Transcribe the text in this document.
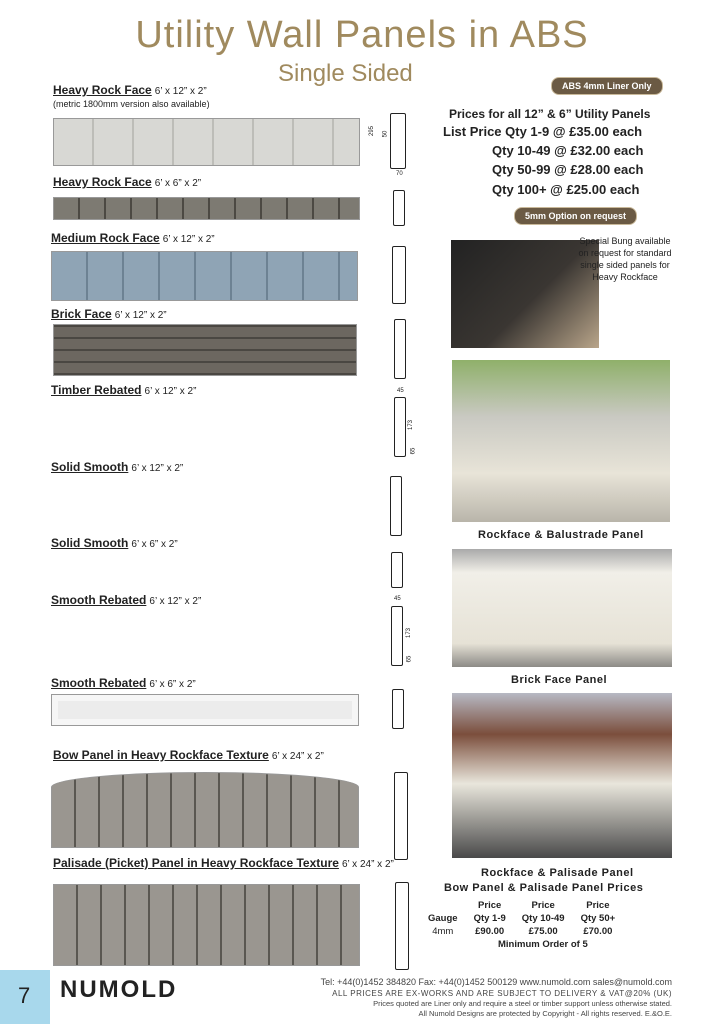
Utility Wall Panels in ABS
Single Sided	ABS 4mm Liner Only
Heavy Rock Face 6’ x 12” x 2”
(metric 1800mm version also available)
295 50
70
Heavy Rock Face 6’ x 6” x 2”
Medium Rock Face 6’ x 12” x 2”
Brick Face 6’ x 12” x 2”
Timber Rebated 6’ x 12” x 2”	45
173
65
Solid Smooth 6’ x 12” x 2”
Solid Smooth 6’ x 6” x 2”
Smooth Rebated 6’ x 12” x 2”	45
173
65
Smooth Rebated 6’ x 6” x 2”
Bow Panel in Heavy Rockface Texture 6’ x 24” x 2”
Palisade (Picket) Panel in Heavy Rockface Texture 6’ x 24” x 2”
Prices for all 12” & 6” Utility Panels
List Price Qty 1-9 @ £35.00 each
Qty 10-49 @ £32.00 each
Qty 50-99 @ £28.00 each
Qty 100+ @ £25.00 each
5mm Option on request
Special Bung available on request for standard single sided panels for Heavy Rockface
Rockface & Balustrade Panel
Brick Face Panel
Rockface & Palisade Panel
Bow Panel & Palisade Panel Prices
	Price	Price	Price
Gauge	Qty 1-9	Qty 10-49	Qty 50+
4mm	£90.00	£75.00	£70.00
Minimum Order of 5
7 NUMOLD	Tel: +44(0)1452 384820 Fax: +44(0)1452 500129 www.numold.com sales@numold.com
ALL PRICES ARE EX-WORKS AND ARE SUBJECT TO DELIVERY & VAT@20% (UK)
Prices quoted are Liner only and require a steel or timber support unless otherwise stated.
All Numold Designs are protected by Copyright - All rights reserved. E.&O.E.
